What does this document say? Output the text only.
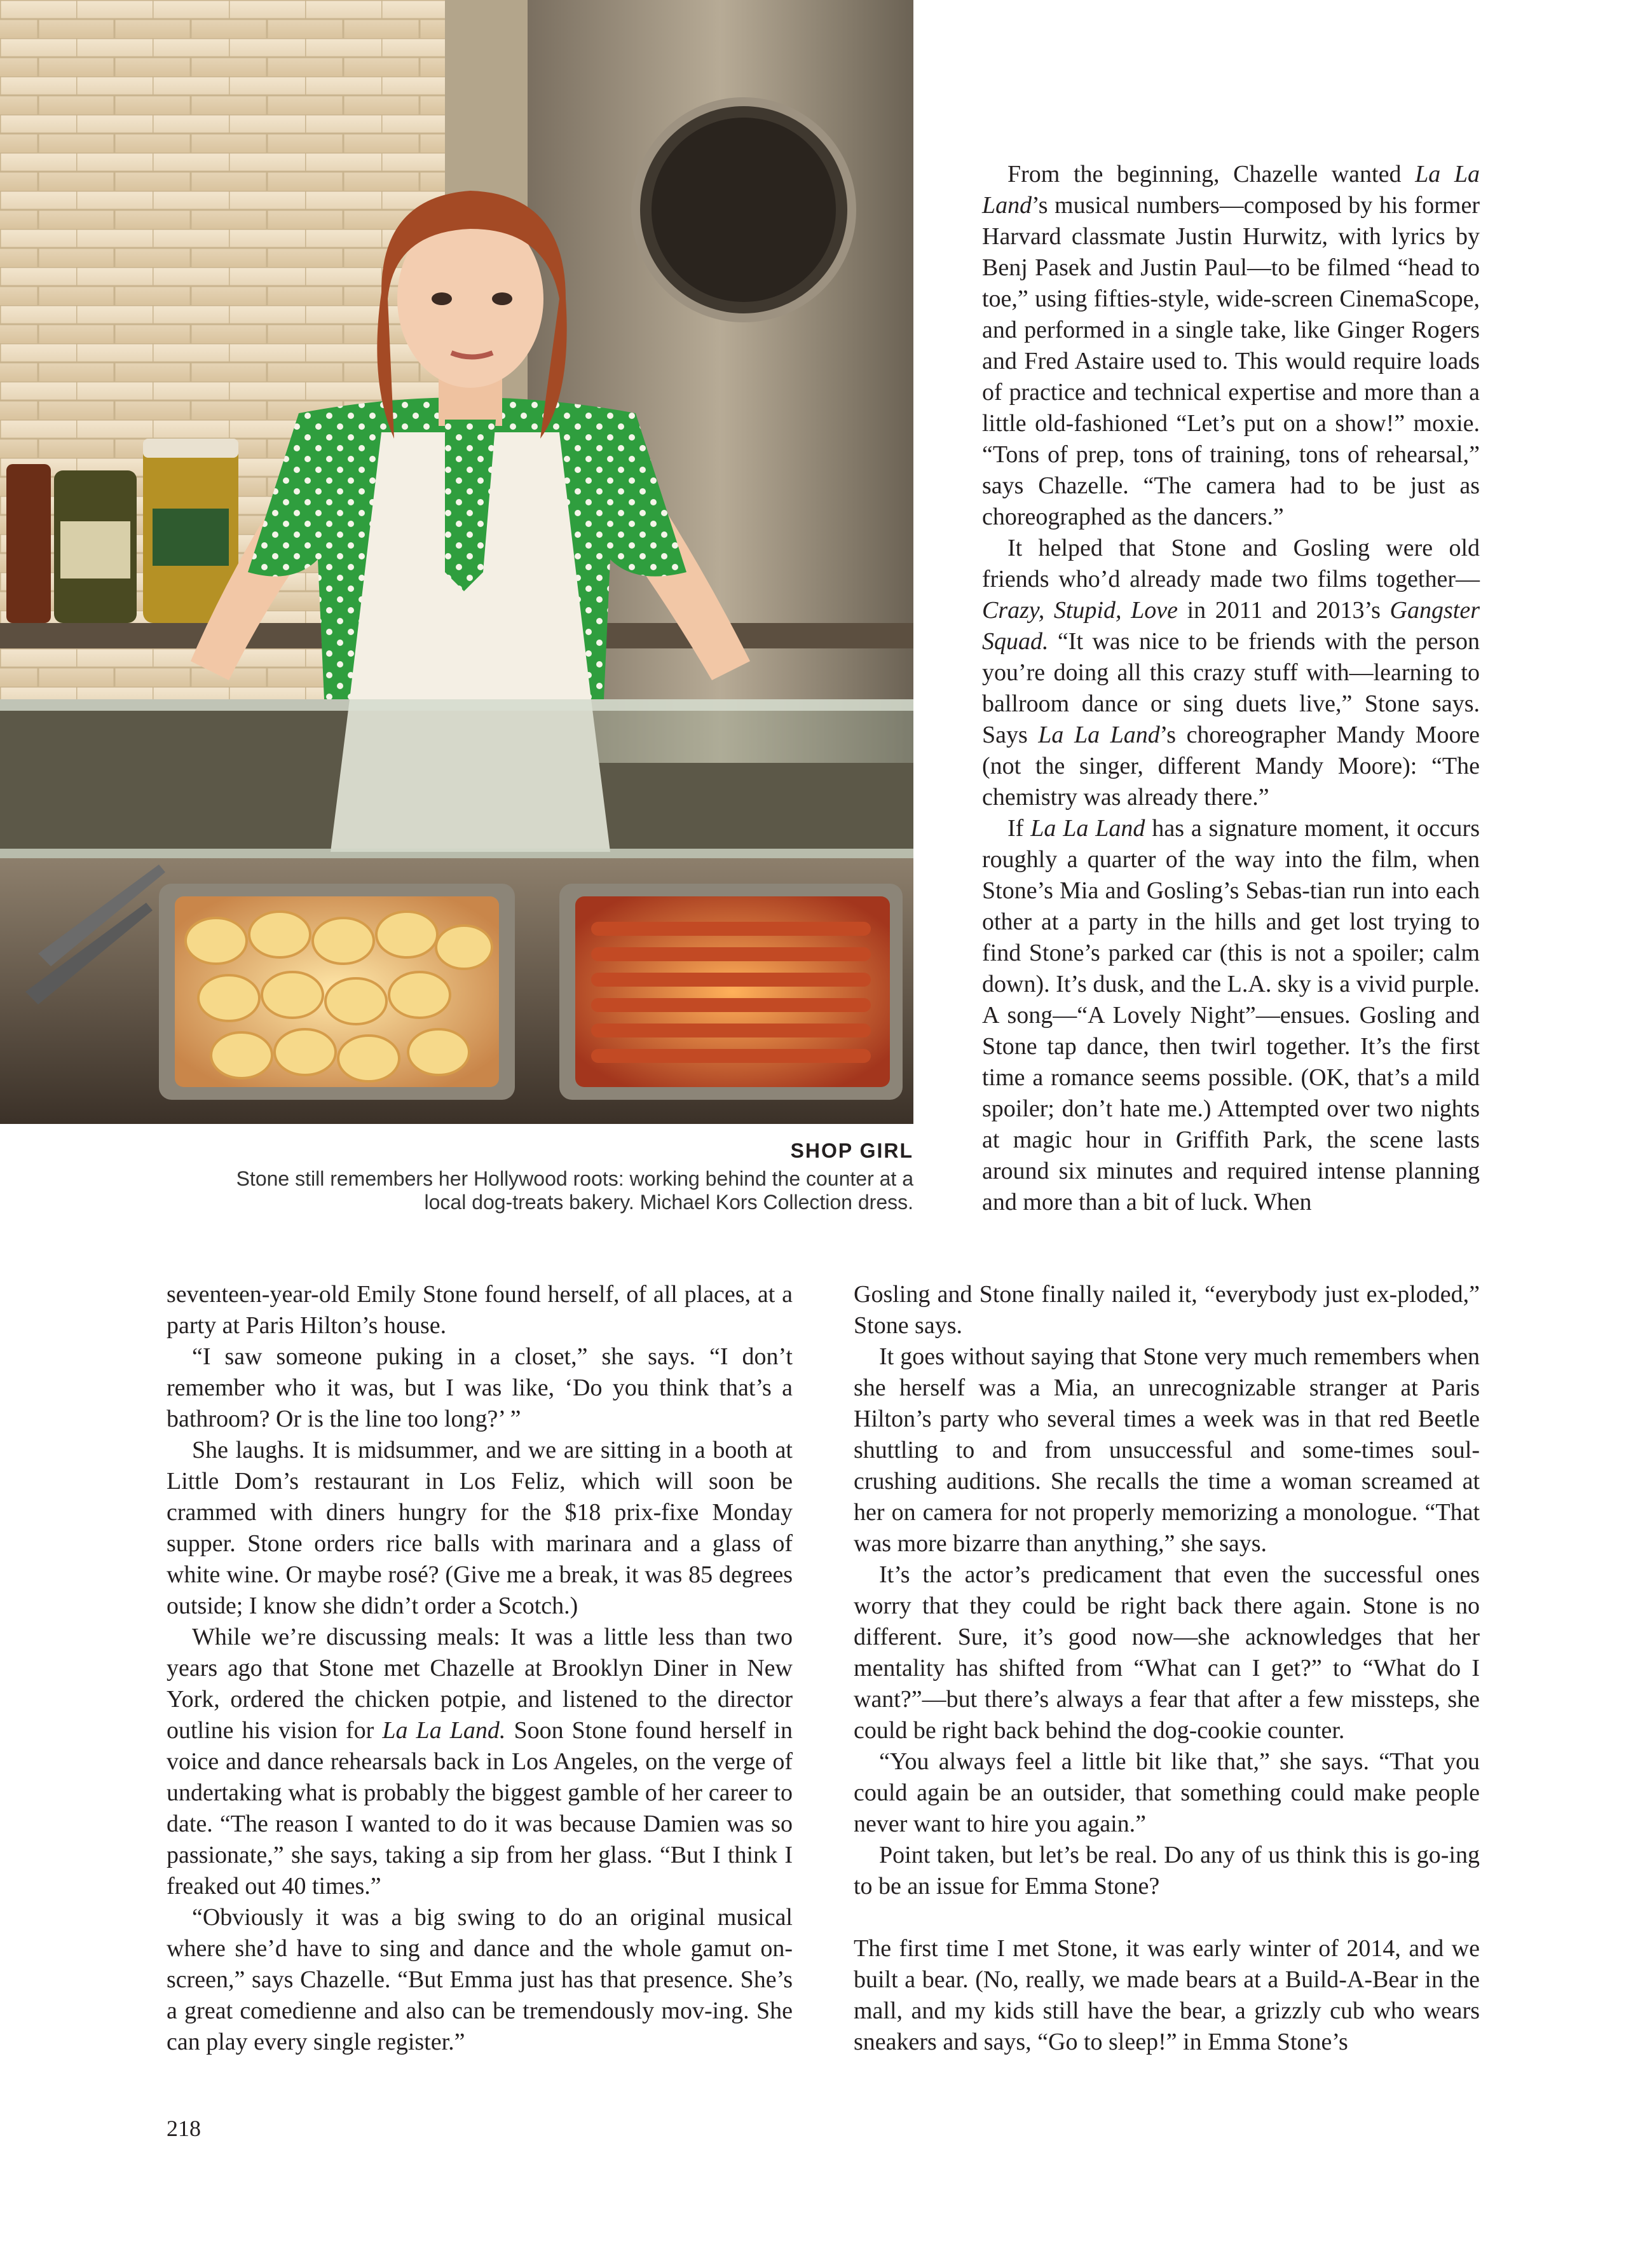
SHOP GIRL
Stone still remembers her Hollywood roots: working behind the counter at a local dog-treats bakery. Michael Kors Collection dress.

From the beginning, Chazelle wanted La La Land’s musical numbers—composed by his former Harvard classmate Justin Hurwitz, with lyrics by Benj Pasek and Justin Paul—to be filmed “head to toe,” using fifties-style, wide-screen CinemaScope, and performed in a single take, like Ginger Rogers and Fred Astaire used to. This would require loads of practice and technical expertise and more than a little old-fashioned “Let’s put on a show!” moxie. “Tons of prep, tons of training, tons of rehearsal,” says Chazelle. “The camera had to be just as choreographed as the dancers.”

It helped that Stone and Gosling were old friends who’d already made two films together—Crazy, Stupid, Love in 2011 and 2013’s Gangster Squad. “It was nice to be friends with the person you’re doing all this crazy stuff with—learning to ballroom dance or sing duets live,” Stone says. Says La La Land’s choreographer Mandy Moore (not the singer, different Mandy Moore): “The chemistry was already there.”

If La La Land has a signature moment, it occurs roughly a quarter of the way into the film, when Stone’s Mia and Gosling’s Sebas-tian run into each other at a party in the hills and get lost trying to find Stone’s parked car (this is not a spoiler; calm down). It’s dusk, and the L.A. sky is a vivid purple. A song—“A Lovely Night”—ensues. Gosling and Stone tap dance, then twirl together. It’s the first time a romance seems possible. (OK, that’s a mild spoiler; don’t hate me.) Attempted over two nights at magic hour in Griffith Park, the scene lasts around six minutes and required intense planning and more than a bit of luck. When

seventeen-year-old Emily Stone found herself, of all places, at a party at Paris Hilton’s house.

“I saw someone puking in a closet,” she says. “I don’t remember who it was, but I was like, ‘Do you think that’s a bathroom? Or is the line too long?’ ”

She laughs. It is midsummer, and we are sitting in a booth at Little Dom’s restaurant in Los Feliz, which will soon be crammed with diners hungry for the $18 prix-fixe Monday supper. Stone orders rice balls with marinara and a glass of white wine. Or maybe rosé? (Give me a break, it was 85 degrees outside; I know she didn’t order a Scotch.)

While we’re discussing meals: It was a little less than two years ago that Stone met Chazelle at Brooklyn Diner in New York, ordered the chicken potpie, and listened to the director outline his vision for La La Land. Soon Stone found herself in voice and dance rehearsals back in Los Angeles, on the verge of undertaking what is probably the biggest gamble of her career to date. “The reason I wanted to do it was because Damien was so passionate,” she says, taking a sip from her glass. “But I think I freaked out 40 times.”

“Obviously it was a big swing to do an original musical where she’d have to sing and dance and the whole gamut on-screen,” says Chazelle. “But Emma just has that presence. She’s a great comedienne and also can be tremendously mov-ing. She can play every single register.”

Gosling and Stone finally nailed it, “everybody just ex-ploded,” Stone says.

It goes without saying that Stone very much remembers when she herself was a Mia, an unrecognizable stranger at Paris Hilton’s party who several times a week was in that red Beetle shuttling to and from unsuccessful and some-times soul-crushing auditions. She recalls the time a woman screamed at her on camera for not properly memorizing a monologue. “That was more bizarre than anything,” she says.

It’s the actor’s predicament that even the successful ones worry that they could be right back there again. Stone is no different. Sure, it’s good now—she acknowledges that her mentality has shifted from “What can I get?” to “What do I want?”—but there’s always a fear that after a few missteps, she could be right back behind the dog-cookie counter.

“You always feel a little bit like that,” she says. “That you could again be an outsider, that something could make people never want to hire you again.”

Point taken, but let’s be real. Do any of us think this is go-ing to be an issue for Emma Stone?

The first time I met Stone, it was early winter of 2014, and we built a bear. (No, really, we made bears at a Build-A-Bear in the mall, and my kids still have the bear, a grizzly cub who wears sneakers and says, “Go to sleep!” in Emma Stone’s

218
